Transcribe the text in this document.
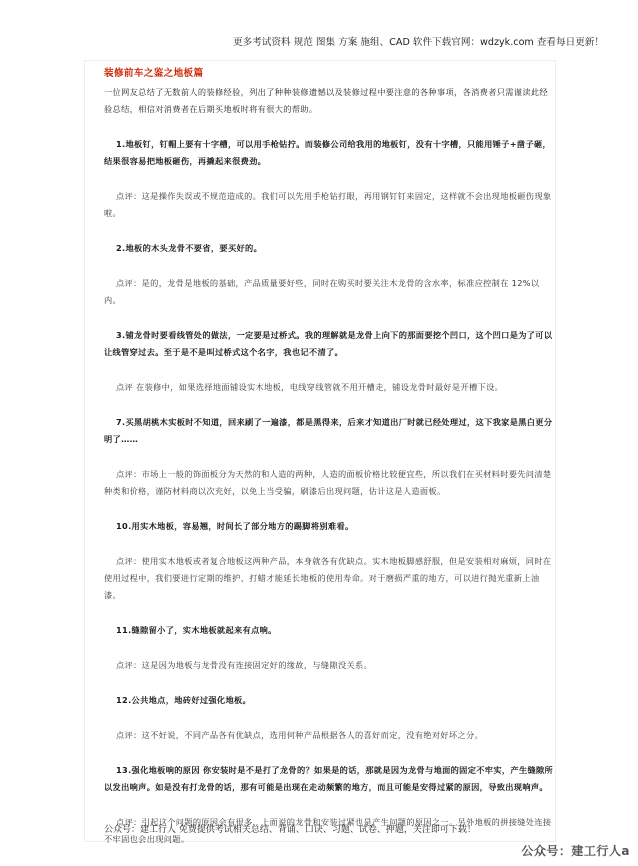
更多考试资料 规范 图集 方案 施组、CAD 软件下载官网：wdzyk.com 查看每日更新！

装修前车之鉴之地板篇

一位网友总结了无数前人的装修经验，列出了种种装修遗憾以及装修过程中要注意的各种事项，各消费者只需谨读此经验总结，相信对消费者在后期买地板时将有很大的帮助。

1.地板钉，钉帽上要有十字槽，可以用手枪钻拧。而装修公司给我用的地板钉，没有十字槽，只能用锤子+凿子砸，结果很容易把地板砸伤，再撬起来很费劲。

点评：这是操作失误或不规范造成的。我们可以先用手枪钻打眼，再用钢钉钉来固定，这样就不会出现地板砸伤现象啦。

2.地板的木头龙骨不要省，要买好的。

点评：是的，龙骨是地板的基础，产品质量要好些，同时在购买时要关注木龙骨的含水率，标准应控制在 12%以内。

3.铺龙骨时要看线管处的做法，一定要是过桥式。我的理解就是龙骨上向下的那面要挖个凹口，这个凹口是为了可以让线管穿过去。至于是不是叫过桥式这个名字，我也记不清了。

点评 在装修中，如果选择地面铺设实木地板，电线穿线管就不用开槽走，铺设龙骨时最好是开槽下设。

7.买黑胡桃木实板时不知道，回来刷了一遍漆，都是黑得来，后来才知道出厂时就已经处理过，这下我家是黑白更分明了……

点评：市场上一般的饰面板分为天然的和人造的两种，人造的面板价格比较便宜些，所以我们在买材料时要先问清楚种类和价格，谨防材料商以次充好，以免上当受骗，刷漆后出现问题，估计这是人造面板。

10.用实木地板，容易翘，时间长了部分地方的踢脚将别难看。

点评：使用实木地板或者复合地板这两种产品，本身就各有优缺点。实木地板脚感舒服，但是安装相对麻烦，同时在使用过程中，我们要进行定期的维护、打蜡才能延长地板的使用寿命。对于磨损严重的地方，可以进行抛光重新上油漆。

11.缝隙留小了，实木地板就起来有点响。

点评：这是因为地板与龙骨没有连接固定好的缘故，与缝隙没关系。

12.公共地点，地砖好过强化地板。

点评：这不好说，不同产品各有优缺点，选用何种产品根据各人的喜好而定，没有绝对好坏之分。

13.强化地板响的原因 你安装时是不是打了龙骨的？如果是的话，那就是因为龙骨与地面的固定不牢实，产生缝隙所以发出响声。如是没有打龙骨的话，那有可能是出现在走动频繁的地方，而且可能是安得过紧的原因，导致出现响声。

点评：引起这个问题的原因会有很多，上面说的龙骨和安装过紧也是产生问题的原因之一。另外地板的拼接缝处连接不牢固也会出现问题。

公众号：建工行人 免费提供考试相关总结、背诵、口诀、习题、试卷、押题，关注即可下载！
公众号：建工行人a
